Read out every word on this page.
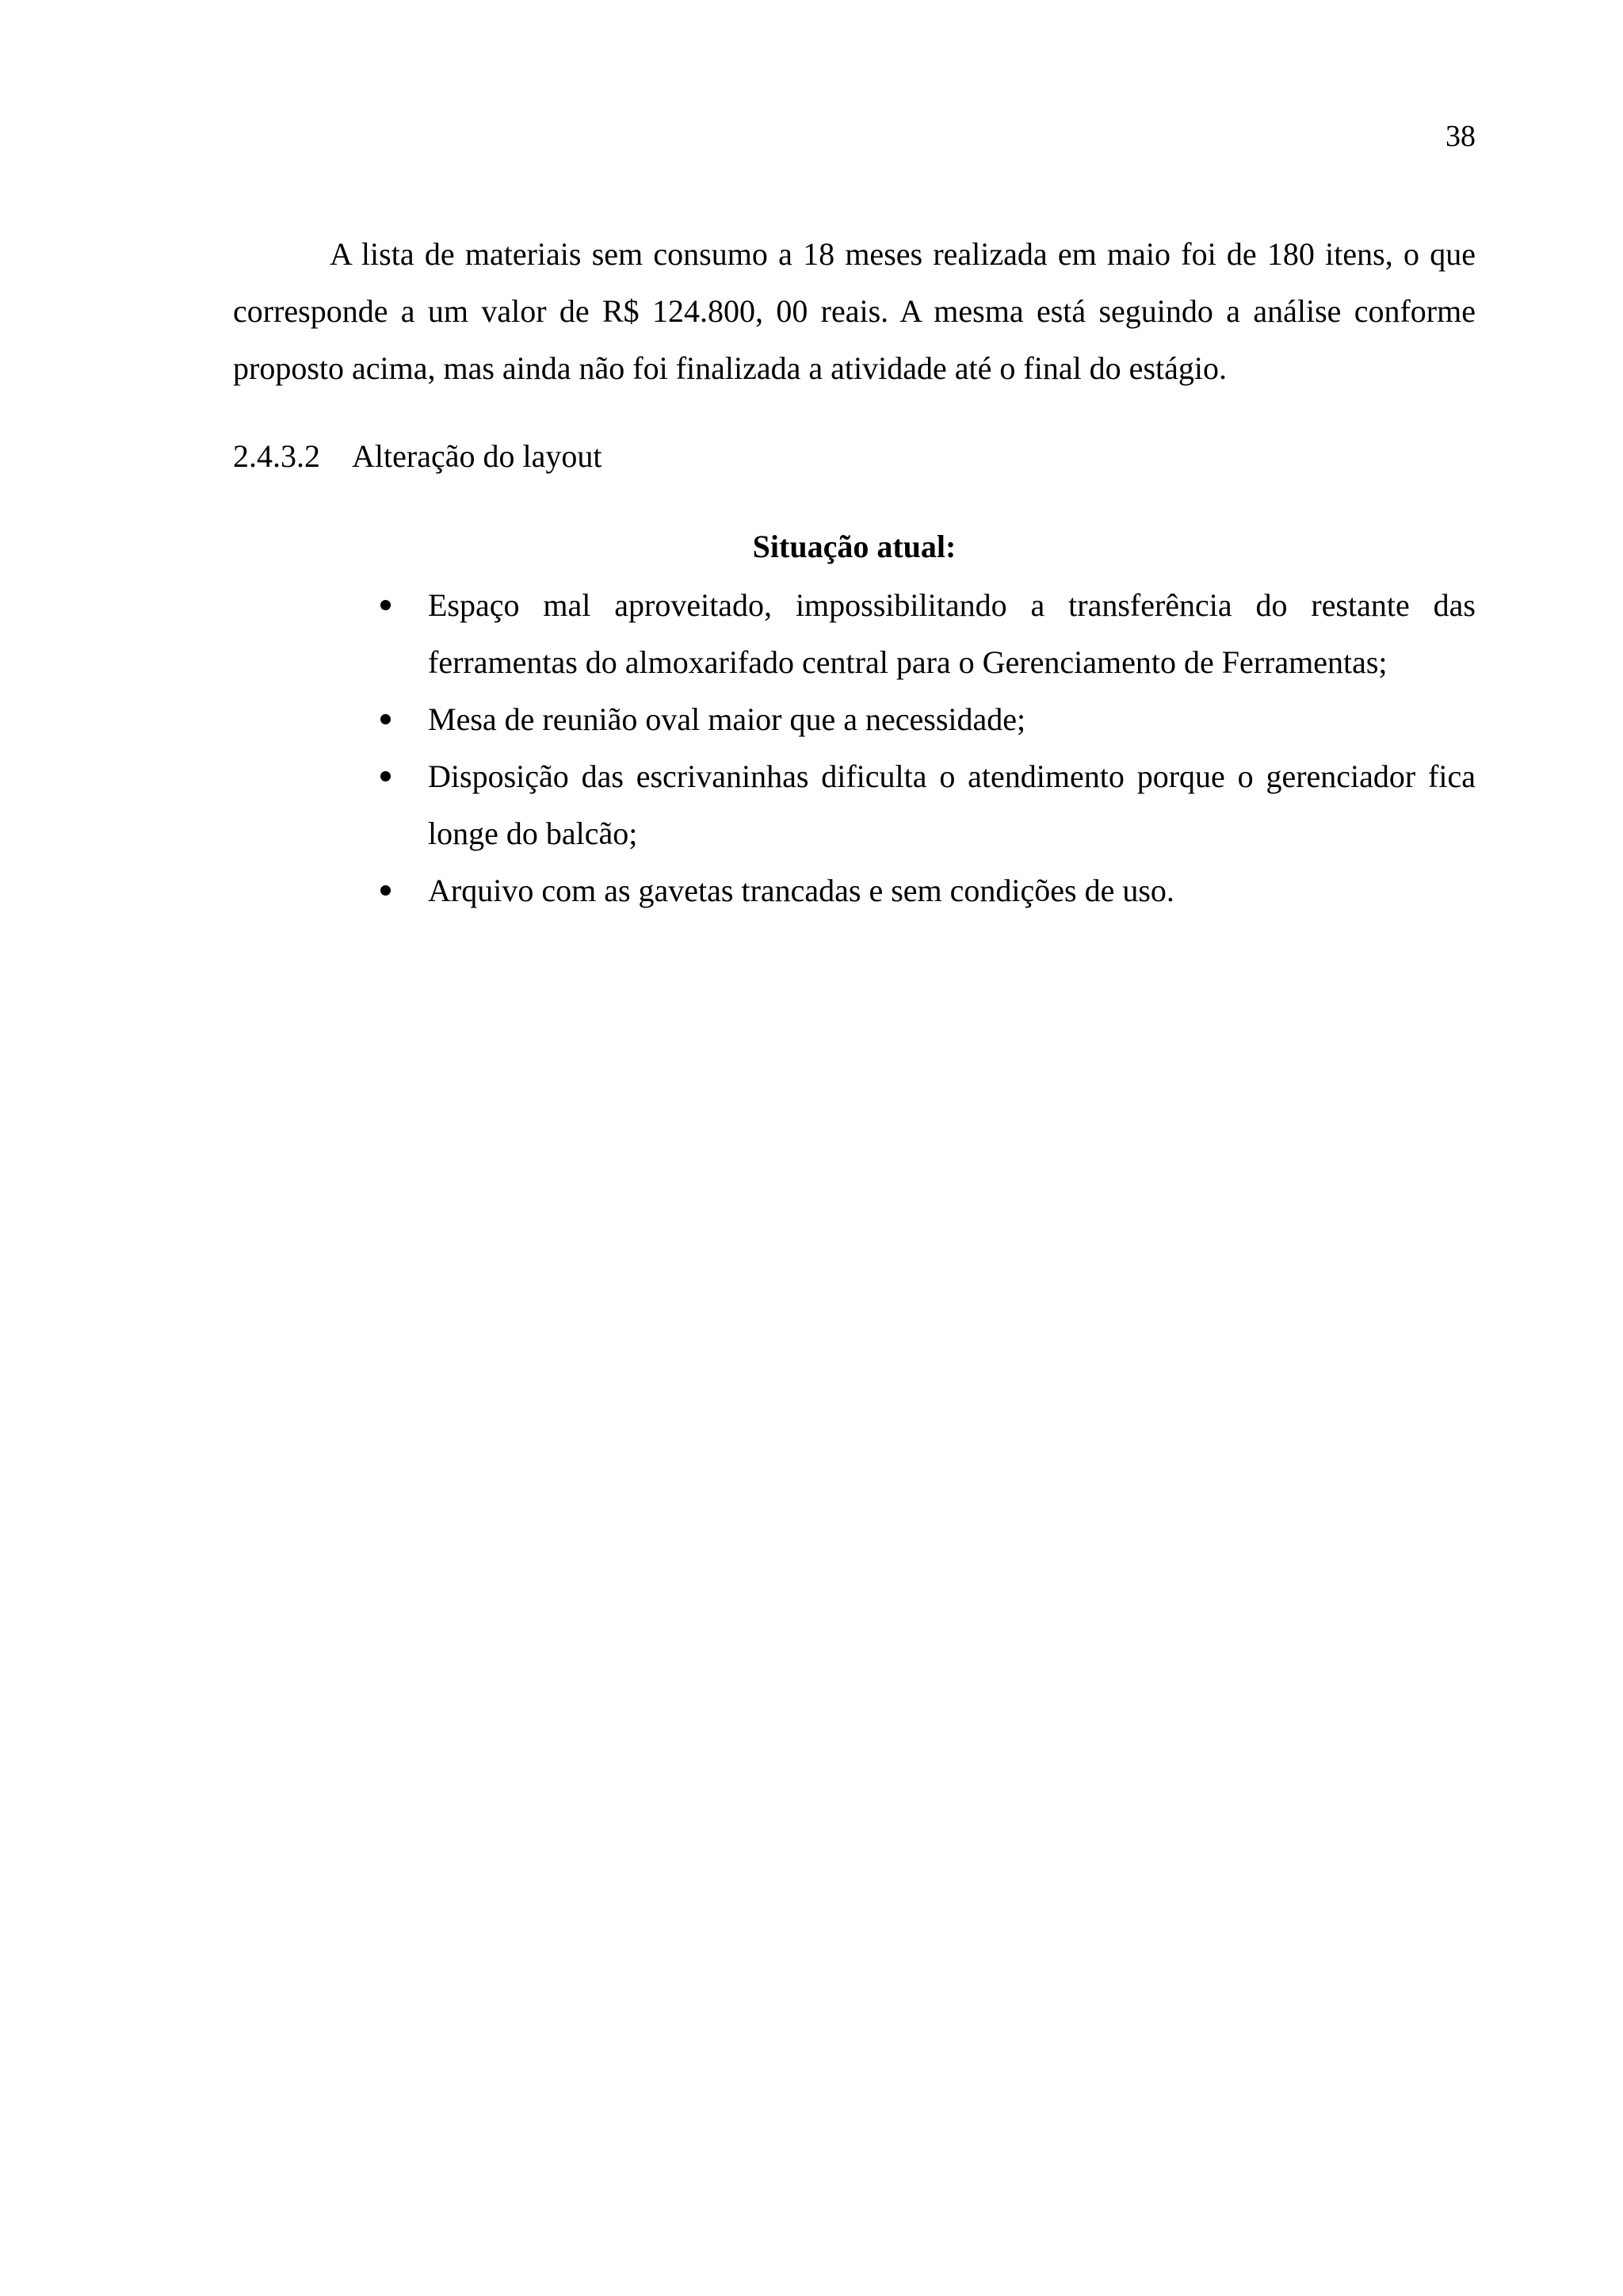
38

A lista de materiais sem consumo a 18 meses realizada em maio foi de 180 itens, o que corresponde a um valor de R$ 124.800, 00 reais. A mesma está seguindo a análise conforme proposto acima, mas ainda não foi finalizada a atividade até o final do estágio.

2.4.3.2 Alteração do layout

Situação atual:

Espaço mal aproveitado, impossibilitando a transferência do restante das ferramentas do almoxarifado central para o Gerenciamento de Ferramentas;
Mesa de reunião oval maior que a necessidade;
Disposição das escrivaninhas dificulta o atendimento porque o gerenciador fica longe do balcão;
Arquivo com as gavetas trancadas e sem condições de uso.
